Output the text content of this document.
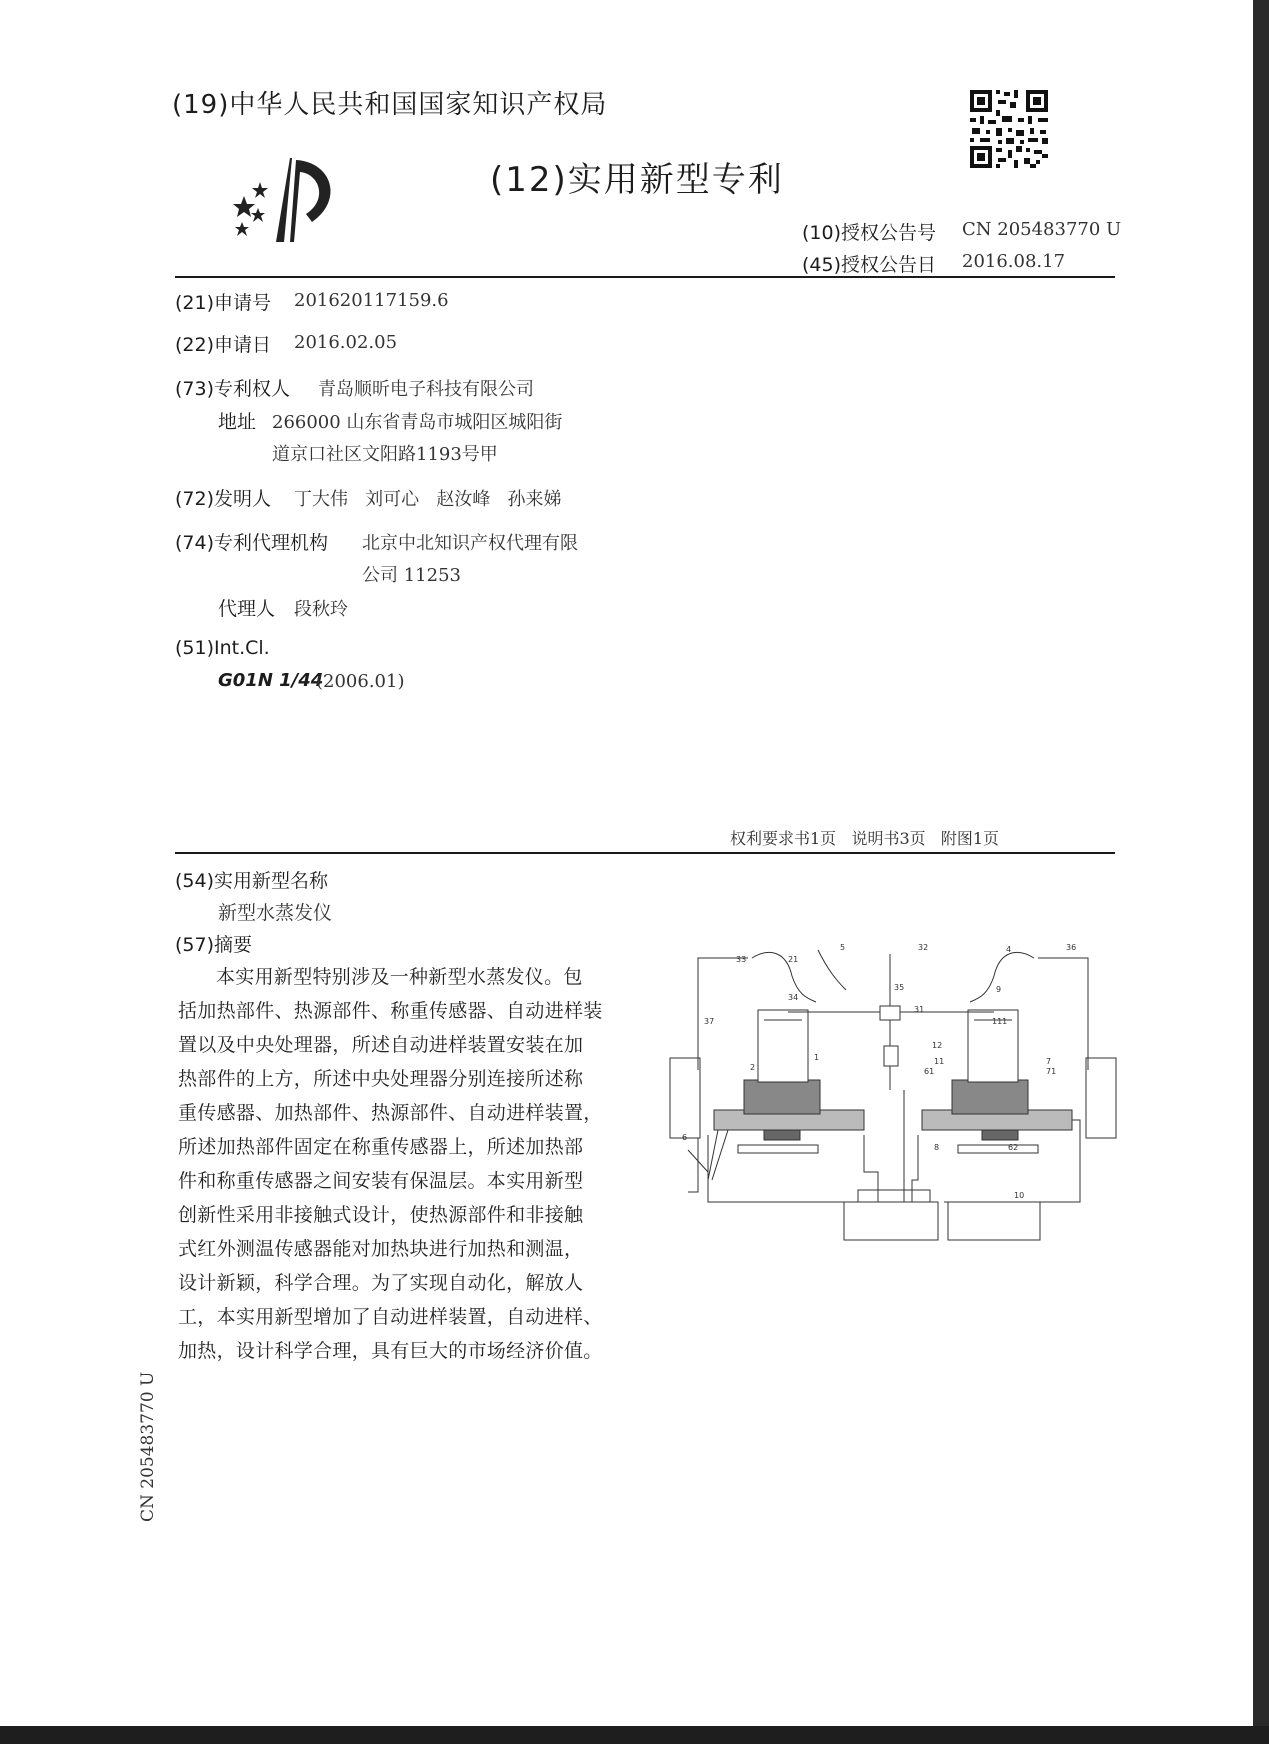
(19)中华人民共和国国家知识产权局
(12)实用新型专利
(10)授权公告号 CN 205483770 U
(45)授权公告日 2016.08.17
(21)申请号 201620117159.6
(22)申请日 2016.02.05
(73)专利权人 青岛顺昕电子科技有限公司
地址 266000 山东省青岛市城阳区城阳街
道京口社区文阳路1193号甲
(72)发明人 丁大伟   刘可心   赵汝峰   孙来娣
(74)专利代理机构 北京中北知识产权代理有限
公司 11253
代理人 段秋玲
(51)Int.Cl.
G01N 1/44
(2006.01)
权利要求书1页   说明书3页   附图1页
(54)实用新型名称
新型水蒸发仪
(57)摘要
本实用新型特别涉及一种新型水蒸发仪。包
括加热部件、热源部件、称重传感器、自动进样装
置以及中央处理器，所述自动进样装置安装在加
热部件的上方，所述中央处理器分别连接所述称
重传感器、加热部件、热源部件、自动进样装置，
所述加热部件固定在称重传感器上，所述加热部
件和称重传感器之间安装有保温层。本实用新型
创新性采用非接触式设计，使热源部件和非接触
式红外测温传感器能对加热块进行加热和测温，
设计新颖，科学合理。为了实现自动化，解放人
工，本实用新型增加了自动进样装置，自动进样、
加热，设计科学合理，具有巨大的市场经济价值。
5	32	4	36
33
37
34
31
1
2
12
11
9
61
7
71
6
8	62
10
111
35
21
CN 205483770 U
